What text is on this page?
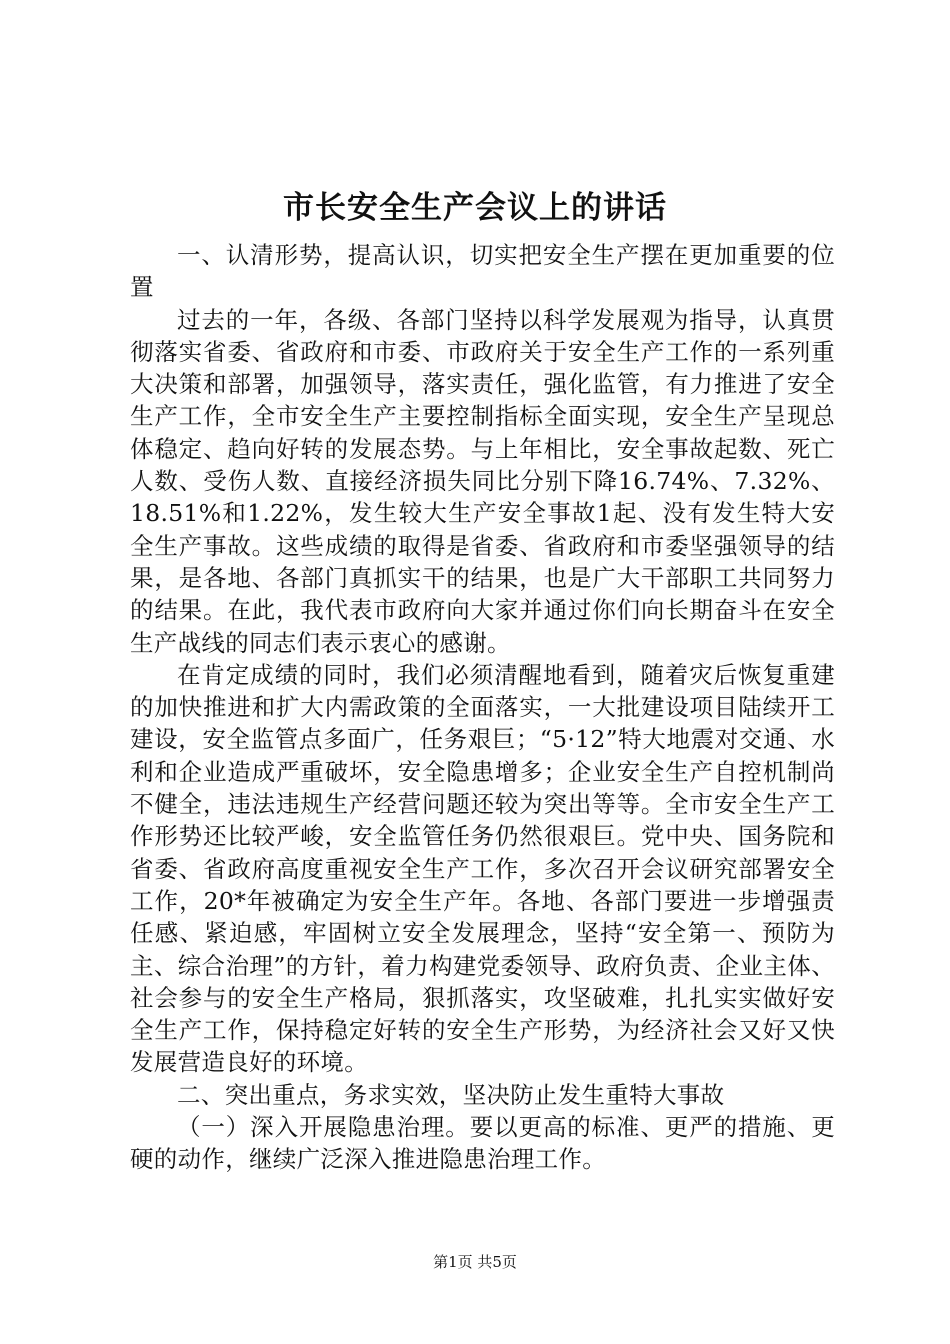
市长安全生产会议上的讲话

一、认清形势，提高认识，切实把安全生产摆在更加重要的位置

过去的一年，各级、各部门坚持以科学发展观为指导，认真贯彻落实省委、省政府和市委、市政府关于安全生产工作的一系列重大决策和部署，加强领导，落实责任，强化监管，有力推进了安全生产工作，全市安全生产主要控制指标全面实现，安全生产呈现总体稳定、趋向好转的发展态势。与上年相比，安全事故起数、死亡人数、受伤人数、直接经济损失同比分别下降16.74%、7.32%、18.51%和1.22%，发生较大生产安全事故1起、没有发生特大安全生产事故。这些成绩的取得是省委、省政府和市委坚强领导的结果，是各地、各部门真抓实干的结果，也是广大干部职工共同努力的结果。在此，我代表市政府向大家并通过你们向长期奋斗在安全生产战线的同志们表示衷心的感谢。

在肯定成绩的同时，我们必须清醒地看到，随着灾后恢复重建的加快推进和扩大内需政策的全面落实，一大批建设项目陆续开工建设，安全监管点多面广，任务艰巨；“5·12”特大地震对交通、水利和企业造成严重破坏，安全隐患增多；企业安全生产自控机制尚不健全，违法违规生产经营问题还较为突出等等。全市安全生产工作形势还比较严峻，安全监管任务仍然很艰巨。党中央、国务院和省委、省政府高度重视安全生产工作，多次召开会议研究部署安全工作，20*年被确定为安全生产年。各地、各部门要进一步增强责任感、紧迫感，牢固树立安全发展理念，坚持“安全第一、预防为主、综合治理”的方针，着力构建党委领导、政府负责、企业主体、社会参与的安全生产格局，狠抓落实，攻坚破难，扎扎实实做好安全生产工作，保持稳定好转的安全生产形势，为经济社会又好又快发展营造良好的环境。

二、突出重点，务求实效，坚决防止发生重特大事故

（一）深入开展隐患治理。要以更高的标准、更严的措施、更硬的动作，继续广泛深入推进隐患治理工作。

第1页 共5页
